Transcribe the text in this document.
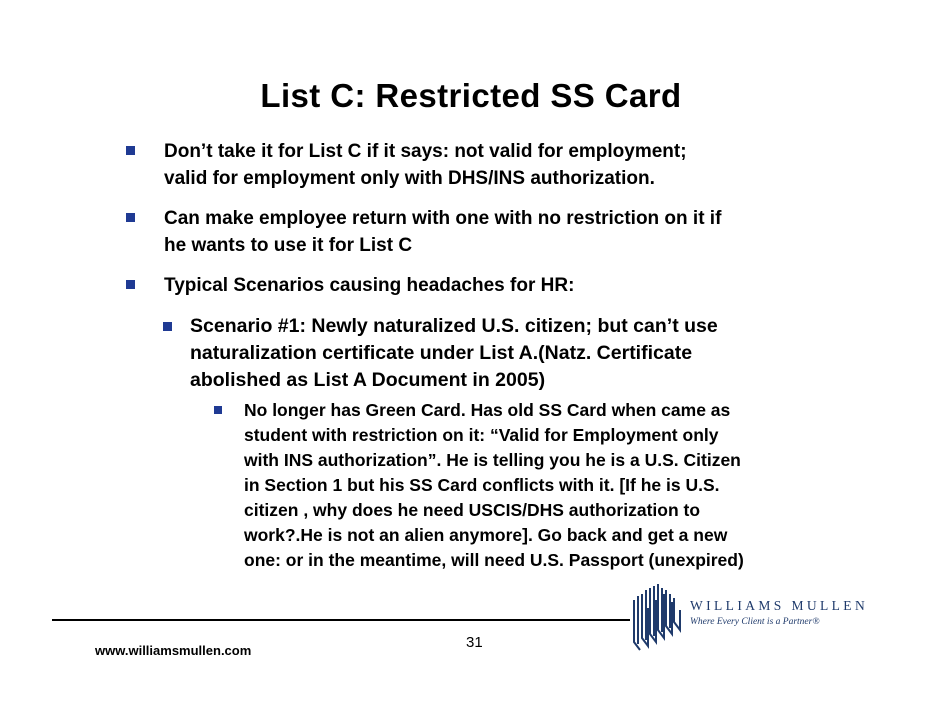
List C: Restricted SS Card
Don’t take it for List C if it says: not valid for employment;
valid for employment only with DHS/INS authorization.
Can make employee return with one with no restriction on it if
he wants to use it for List C
Typical Scenarios causing headaches for HR:
Scenario #1: Newly naturalized U.S. citizen; but can’t use
naturalization certificate under List A.(Natz. Certificate
abolished as List A Document in 2005)
No longer has Green Card. Has old SS Card when came as
student with restriction on it: “Valid for Employment only
with INS authorization”. He is telling you he is a U.S. Citizen
in Section 1 but his SS Card conflicts with it. [If he is U.S.
citizen , why does he need USCIS/DHS authorization to
work?.He is not an alien anymore]. Go back and get a new
one: or in the meantime, will need U.S. Passport (unexpired)
www.williamsmullen.com	31
WILLIAMS MULLEN
Where Every Client is a Partner®
